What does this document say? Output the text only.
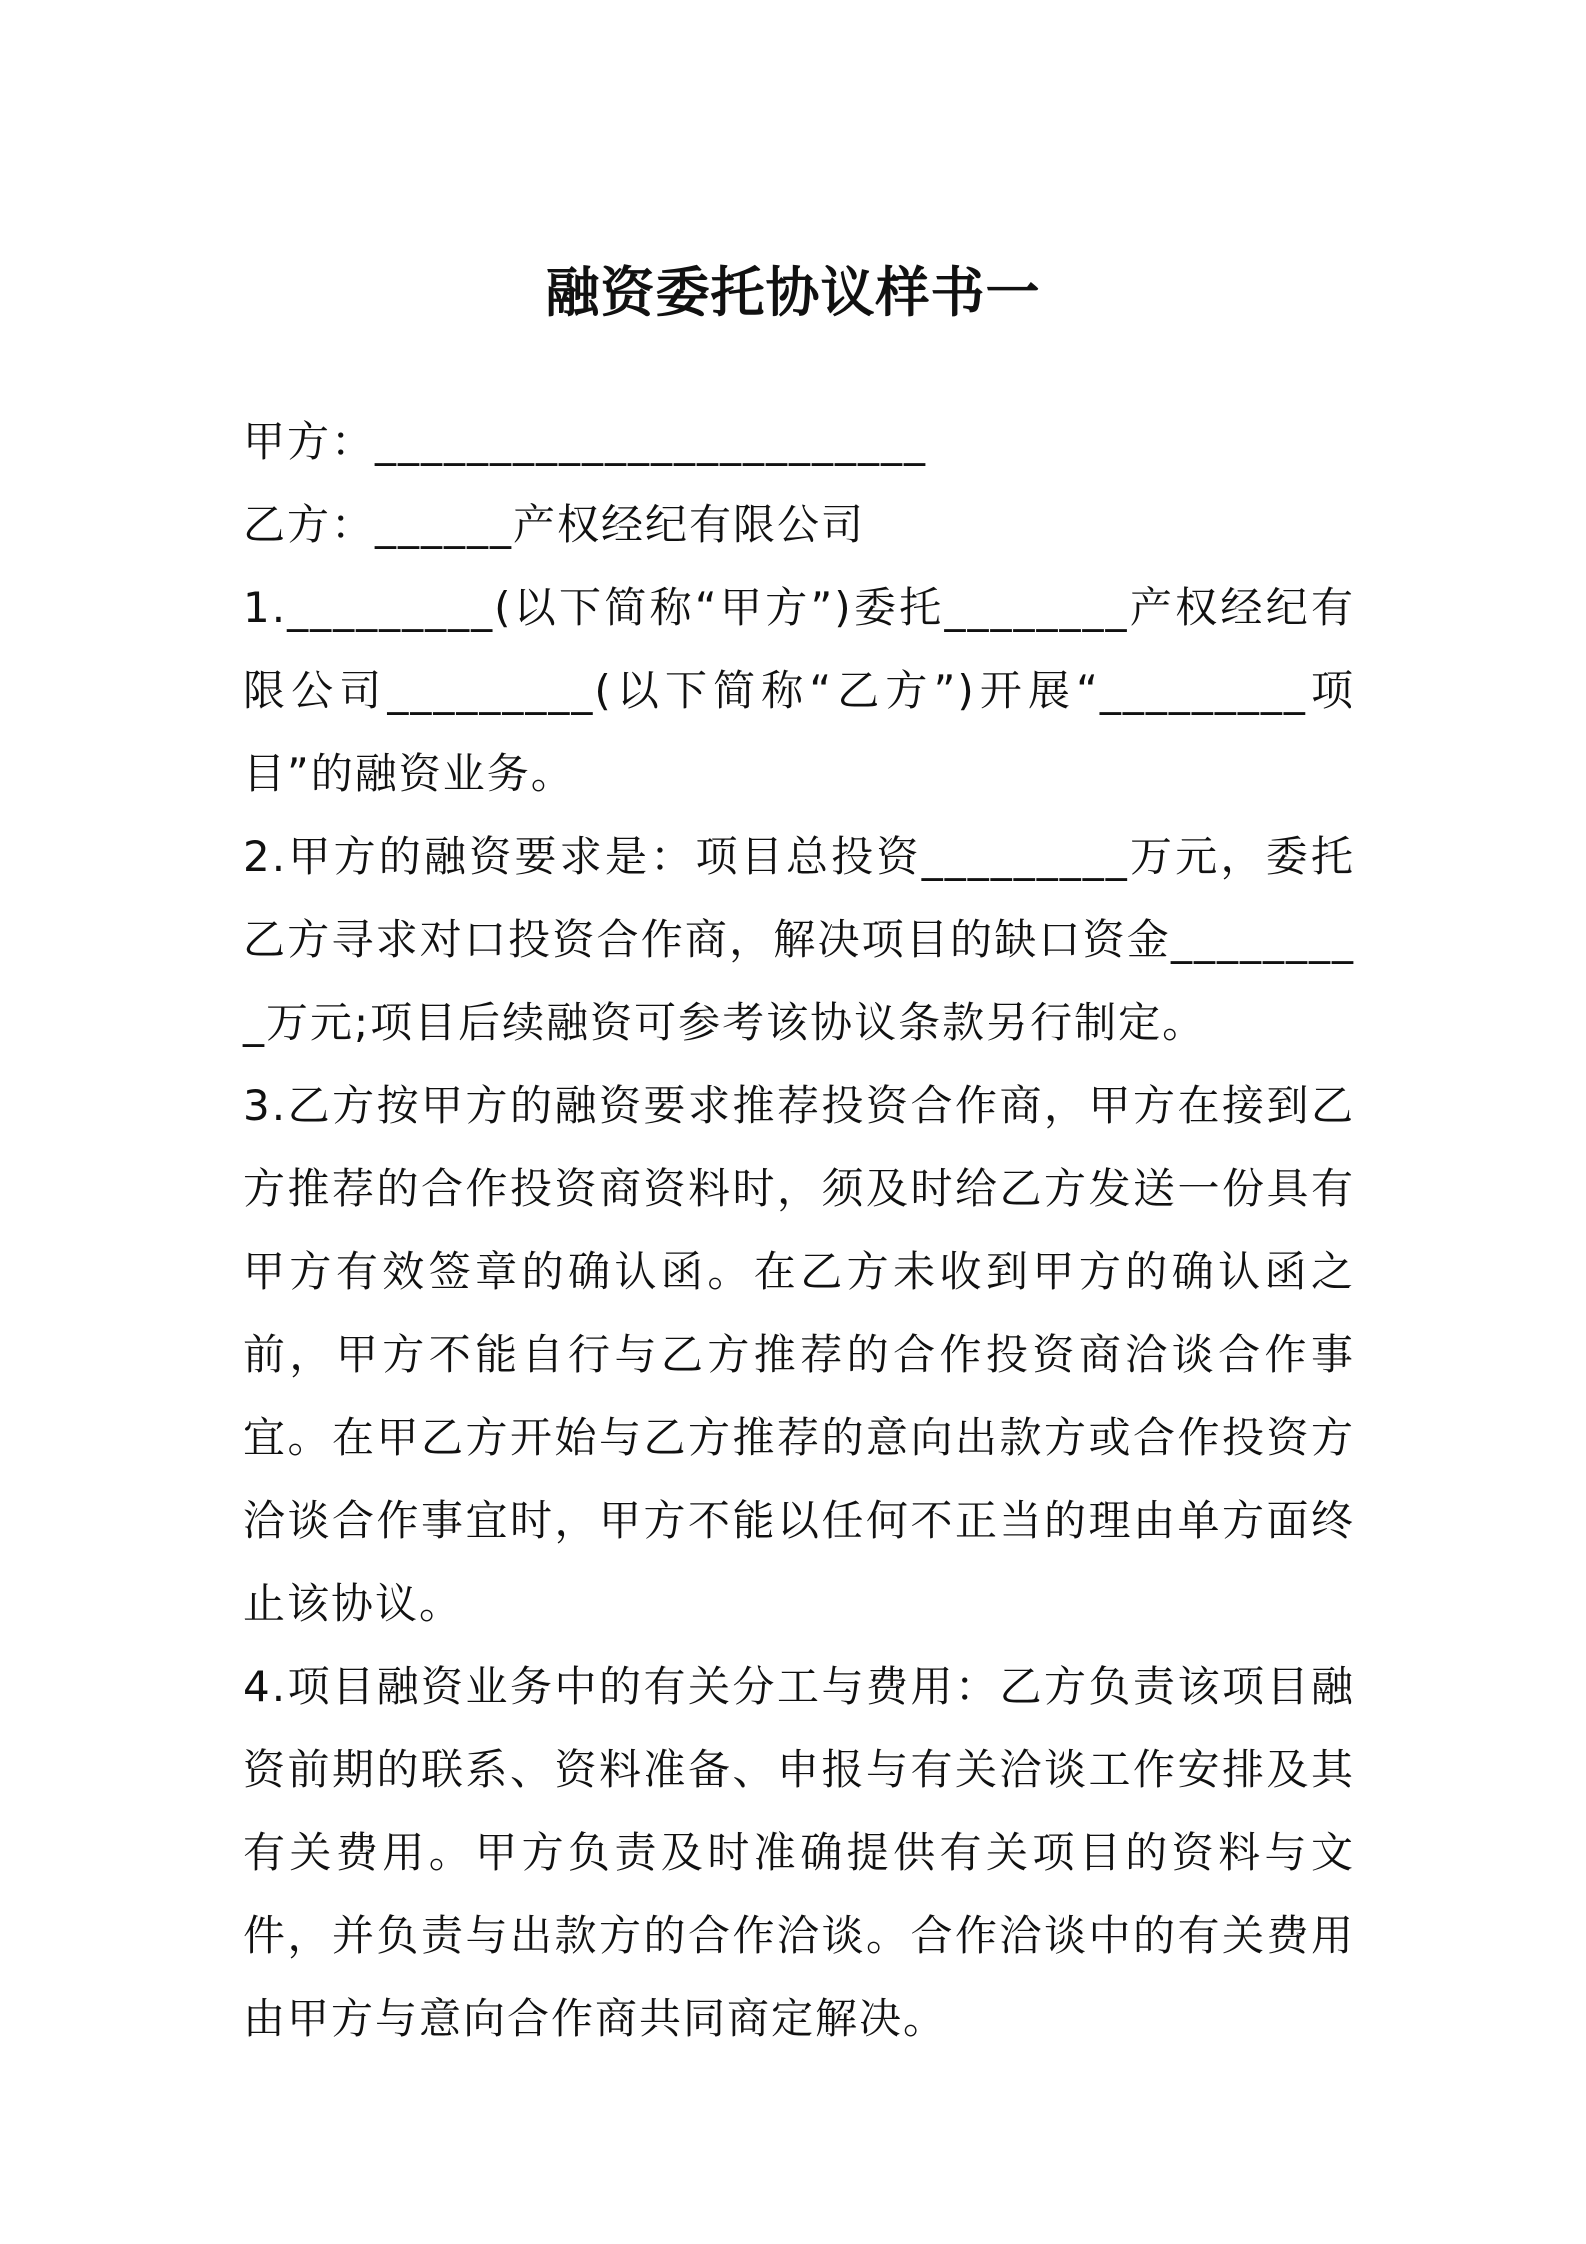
融资委托协议样书一

甲方：________________________

乙方：______产权经纪有限公司

1._________(以下简称“甲方”)委托________产权经纪有限公司_________(以下简称“乙方”)开展“_________项目”的融资业务。

2.甲方的融资要求是：项目总投资_________万元，委托乙方寻求对口投资合作商，解决项目的缺口资金_________万元;项目后续融资可参考该协议条款另行制定。

3.乙方按甲方的融资要求推荐投资合作商，甲方在接到乙方推荐的合作投资商资料时，须及时给乙方发送一份具有甲方有效签章的确认函。在乙方未收到甲方的确认函之前，甲方不能自行与乙方推荐的合作投资商洽谈合作事宜。在甲乙方开始与乙方推荐的意向出款方或合作投资方洽谈合作事宜时，甲方不能以任何不正当的理由单方面终止该协议。

4.项目融资业务中的有关分工与费用：乙方负责该项目融资前期的联系、资料准备、申报与有关洽谈工作安排及其有关费用。甲方负责及时准确提供有关项目的资料与文件，并负责与出款方的合作洽谈。合作洽谈中的有关费用由甲方与意向合作商共同商定解决。
